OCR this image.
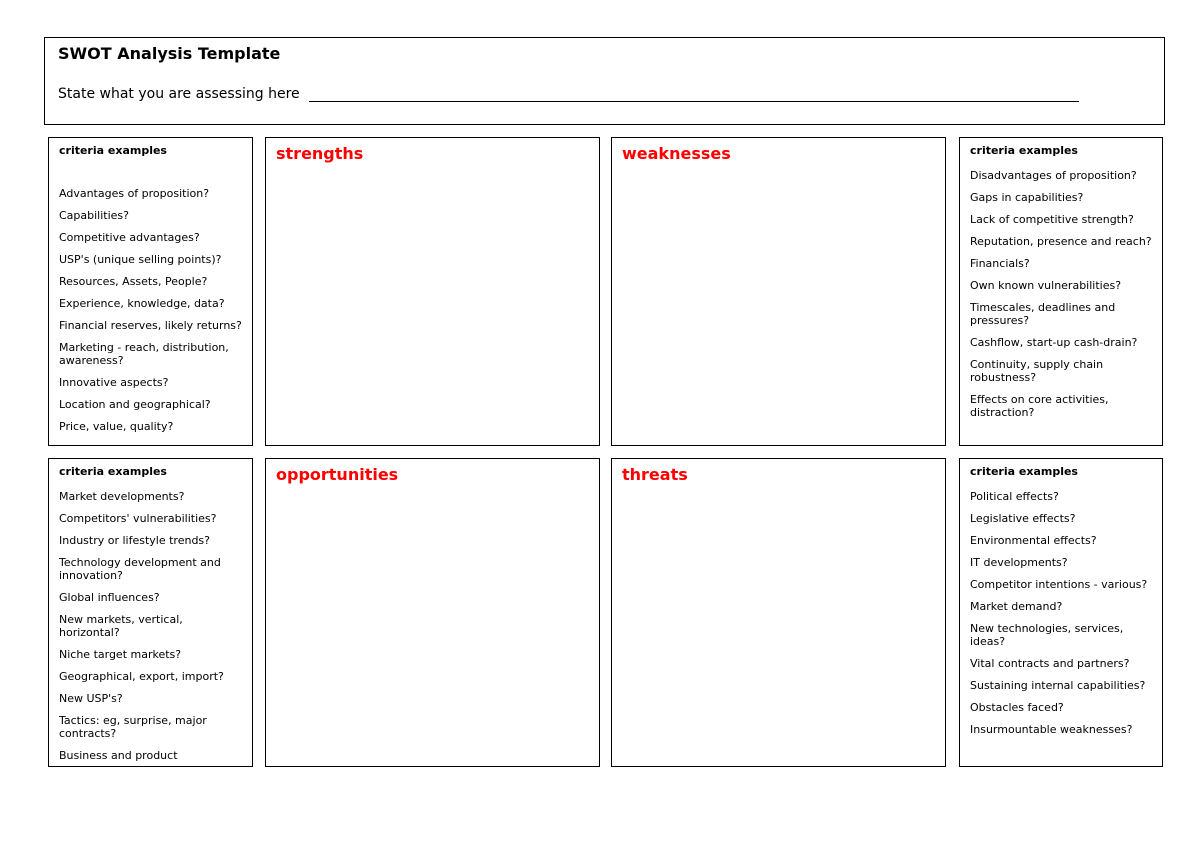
SWOT Analysis Template
State what you are assessing here
criteria examples
Advantages of proposition?
Capabilities?
Competitive advantages?
USP's (unique selling points)?
Resources, Assets, People?
Experience, knowledge, data?
Financial reserves, likely returns?
Marketing - reach, distribution, awareness?
Innovative aspects?
Location and geographical?
Price, value, quality?
strengths	weaknesses	criteria examples
Disadvantages of proposition?
Gaps in capabilities?
Lack of competitive strength?
Reputation, presence and reach?
Financials?
Own known vulnerabilities?
Timescales, deadlines and pressures?
Cashflow, start-up cash-drain?
Continuity, supply chain robustness?
Effects on core activities, distraction?
criteria examples
Market developments?
Competitors' vulnerabilities?
Industry or lifestyle trends?
Technology development and innovation?
Global influences?
New markets, vertical, horizontal?
Niche target markets?
Geographical, export, import?
New USP's?
Tactics: eg, surprise, major contracts?
Business and product
opportunities	threats	criteria examples
Political effects?
Legislative effects?
Environmental effects?
IT developments?
Competitor intentions - various?
Market demand?
New technologies, services, ideas?
Vital contracts and partners?
Sustaining internal capabilities?
Obstacles faced?
Insurmountable weaknesses?
